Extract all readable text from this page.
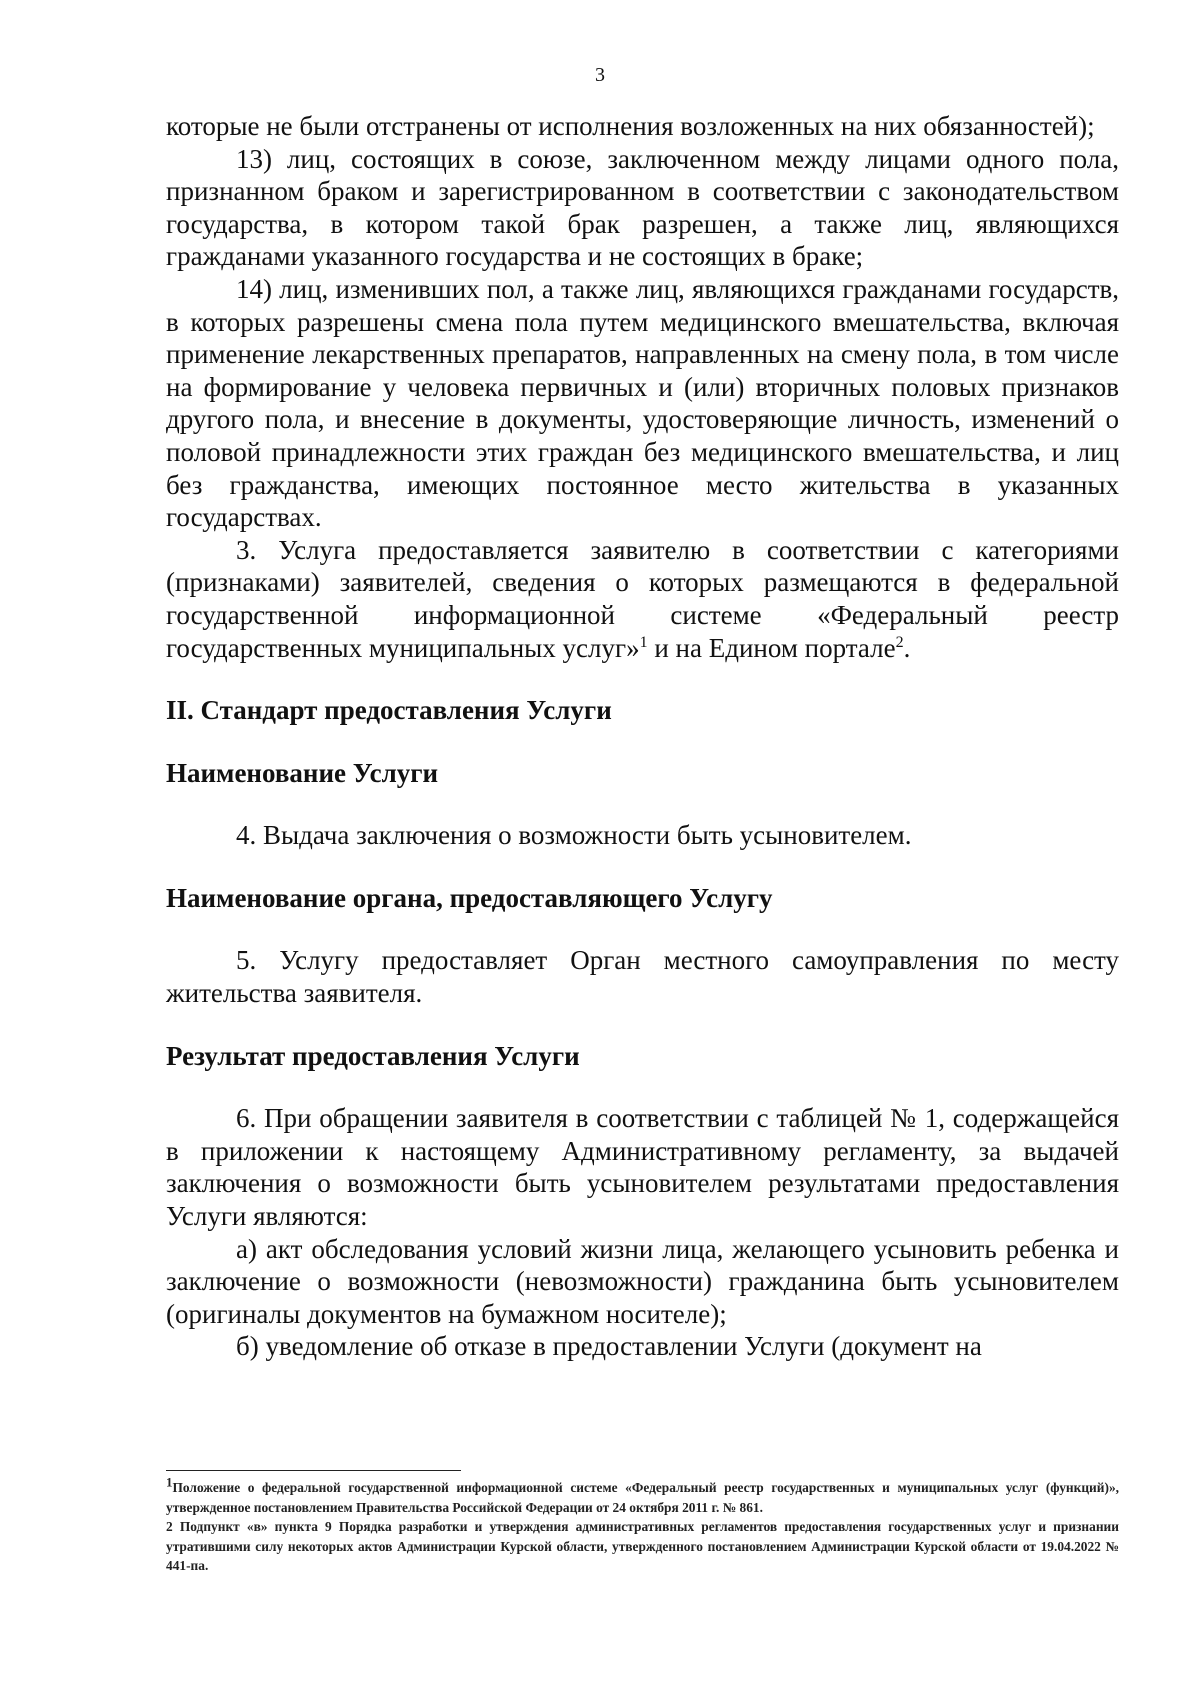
3

которые не были отстранены от исполнения возложенных на них обязанностей);

13) лиц, состоящих в союзе, заключенном между лицами одного пола, признанном браком и зарегистрированном в соответствии с законодательством государства, в котором такой брак разрешен, а также лиц, являющихся гражданами указанного государства и не состоящих в браке;

14) лиц, изменивших пол, а также лиц, являющихся гражданами государств, в которых разрешены смена пола путем медицинского вмешательства, включая применение лекарственных препаратов, направленных на смену пола, в том числе на формирование у человека первичных и (или) вторичных половых признаков другого пола, и внесение в документы, удостоверяющие личность, изменений о половой принадлежности этих граждан без медицинского вмешательства, и лиц без гражданства, имеющих постоянное место жительства в указанных государствах.

3. Услуга предоставляется заявителю в соответствии с категориями (признаками) заявителей, сведения о которых размещаются в федеральной государственной информационной системе «Федеральный реестр государственных муниципальных услуг»$^1$ и на Едином портале$^2$.

II. Стандарт предоставления Услуги

Наименование Услуги

4. Выдача заключения о возможности быть усыновителем.

Наименование органа, предоставляющего Услугу

5. Услугу предоставляет Орган местного самоуправления по месту жительства заявителя.

Результат предоставления Услуги

6. При обращении заявителя в соответствии с таблицей № 1, содержащейся в приложении к настоящему Административному регламенту, за выдачей заключения о возможности быть усыновителем результатами предоставления Услуги являются:

а) акт обследования условий жизни лица, желающего усыновить ребенка и заключение о возможности (невозможности) гражданина быть усыновителем (оригиналы документов на бумажном носителе);

б) уведомление об отказе в предоставлении Услуги (документ на

1Положение о федеральной государственной информационной системе «Федеральный реестр государственных и муниципальных услуг (функций)», утвержденное постановлением Правительства Российской Федерации от 24 октября 2011 г. № 861.

2 Подпункт «в» пункта 9 Порядка разработки и утверждения административных регламентов предоставления государственных услуг и признании утратившими силу некоторых актов Администрации Курской области, утвержденного постановлением Администрации Курской области от 19.04.2022 № 441-па.
